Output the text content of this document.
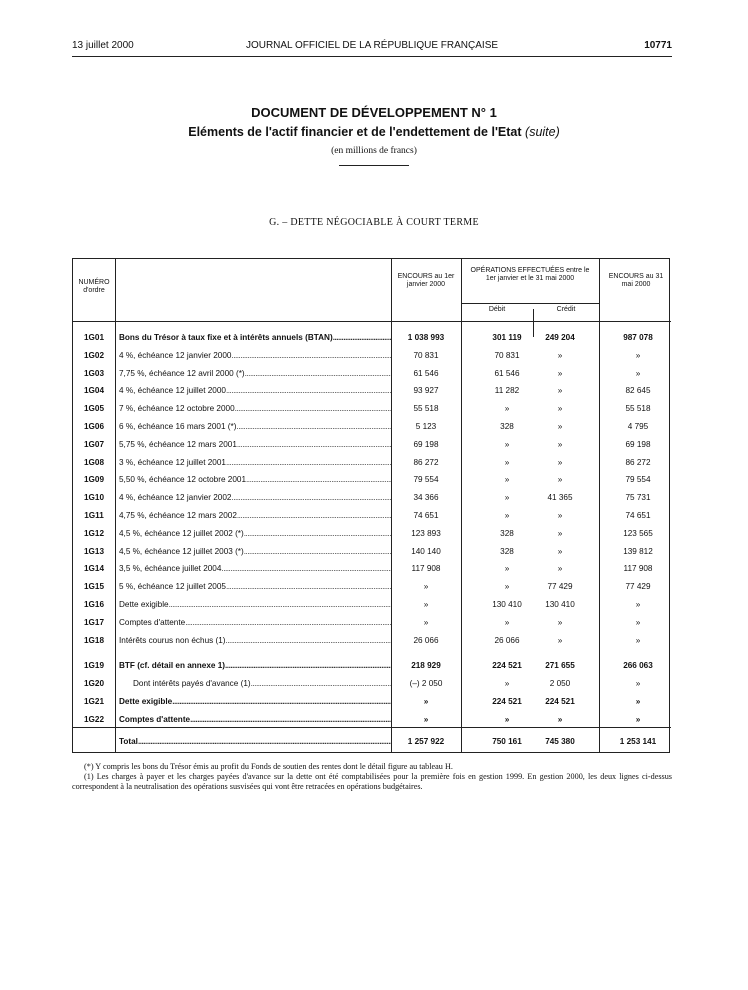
13 juillet 2000	JOURNAL OFFICIEL DE LA RÉPUBLIQUE FRANÇAISE	10771
DOCUMENT DE DÉVELOPPEMENT N° 1
Eléments de l'actif financier et de l'endettement de l'Etat (suite)
(en millions de francs)
G. – DETTE NÉGOCIABLE À COURT TERME
NUMÉRO d'ordre
ENCOURS au 1er janvier 2000
OPÉRATIONS EFFECTUÉES entre le 1er janvier et le 31 mai 2000
Débit	Crédit
ENCOURS au 31 mai 2000
1G01	Bons du Trésor à taux fixe et à intérêts annuels (BTAN) .....	1 038 993	301 119	249 204	987 078
1G02	4 %, échéance 12 janvier 2000 .....	70 831	70 831	»	»
1G03	7,75 %, échéance 12 avril 2000 (*) .....	61 546	61 546	»	»
1G04	4 %, échéance 12 juillet 2000 .....	93 927	11 282	»	82 645
1G05	7 %, échéance 12 octobre 2000 .....	55 518	»	»	55 518
1G06	6 %, échéance 16 mars 2001 (*) .....	5 123	328	»	4 795
1G07	5,75 %, échéance 12 mars 2001 .....	69 198	»	»	69 198
1G08	3 %, échéance 12 juillet 2001 .....	86 272	»	»	86 272
1G09	5,50 %, échéance 12 octobre 2001 .....	79 554	»	»	79 554
1G10	4 %, échéance 12 janvier 2002 .....	34 366	»	41 365	75 731
1G11	4,75 %, échéance 12 mars 2002 .....	74 651	»	»	74 651
1G12	4,5 %, échéance 12 juillet 2002 (*) .....	123 893	328	»	123 565
1G13	4,5 %, échéance 12 juillet 2003 (*) .....	140 140	328	»	139 812
1G14	3,5 %, échéance juillet 2004 .....	117 908	»	»	117 908
1G15	5 %, échéance 12 juillet 2005 .....	»	»	77 429	77 429
1G16	Dette exigible .....	»	130 410	130 410	»
1G17	Comptes d'attente .....	»	»	»	»
1G18	Intérêts courus non échus (1) .....	26 066	26 066	»	»
1G19	BTF (cf. détail en annexe 1) .....	218 929	224 521	271 655	266 063
1G20	Dont intérêts payés d'avance (1) .....	(–) 2 050	»	2 050	»
1G21	Dette exigible .....	»	224 521	224 521	»
1G22	Comptes d'attente .....	»	»	»	»
Total .....	1 257 922	750 161	745 380	1 253 141

(*) Y compris les bons du Trésor émis au profit du Fonds de soutien des rentes dont le détail figure au tableau H.

(1) Les charges à payer et les charges payées d'avance sur la dette ont été comptabilisées pour la première fois en gestion 1999. En gestion 2000, les deux lignes ci-dessus correspondent à la neutralisation des opérations susvisées qui vont être retracées en opérations budgétaires.
